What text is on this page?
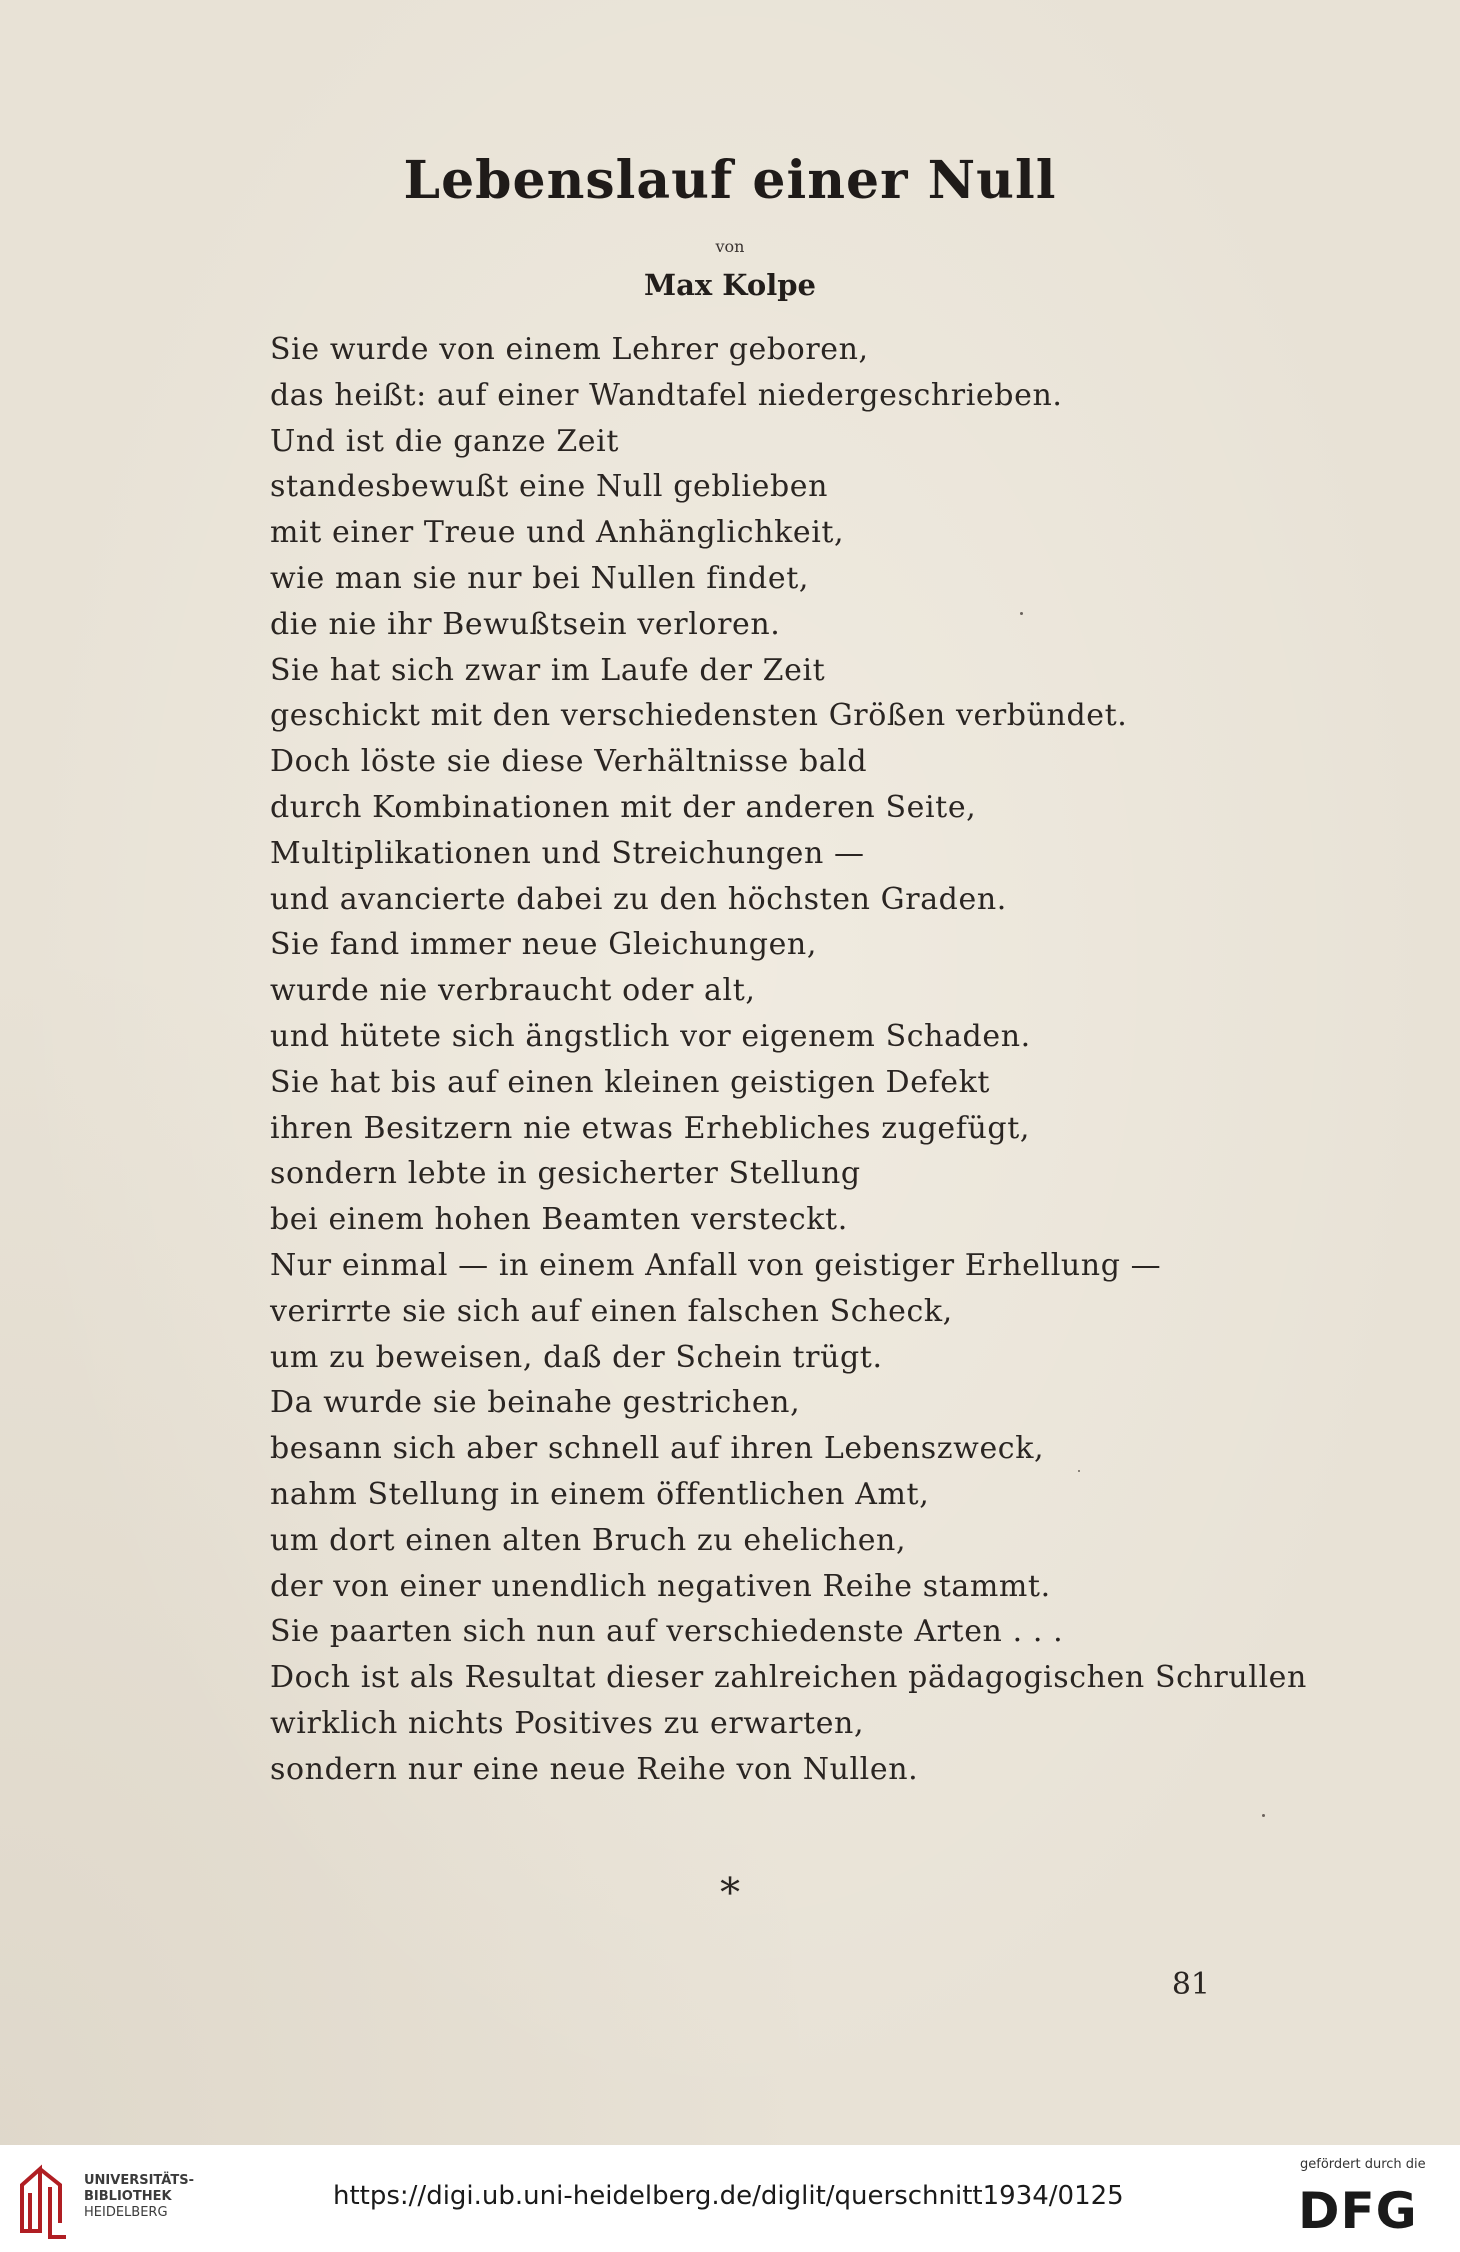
Lebenslauf einer Null
von
Max Kolpe
Sie wurde von einem Lehrer geboren,
das heißt: auf einer Wandtafel niedergeschrieben.
Und ist die ganze Zeit
standesbewußt eine Null geblieben
mit einer Treue und Anhänglichkeit,
wie man sie nur bei Nullen findet,
die nie ihr Bewußtsein verloren.
Sie hat sich zwar im Laufe der Zeit
geschickt mit den verschiedensten Größen verbündet.
Doch löste sie diese Verhältnisse bald
durch Kombinationen mit der anderen Seite,
Multiplikationen und Streichungen —
und avancierte dabei zu den höchsten Graden.
Sie fand immer neue Gleichungen,
wurde nie verbraucht oder alt,
und hütete sich ängstlich vor eigenem Schaden.
Sie hat bis auf einen kleinen geistigen Defekt
ihren Besitzern nie etwas Erhebliches zugefügt,
sondern lebte in gesicherter Stellung
bei einem hohen Beamten versteckt.
Nur einmal — in einem Anfall von geistiger Erhellung —
verirrte sie sich auf einen falschen Scheck,
um zu beweisen, daß der Schein trügt.
Da wurde sie beinahe gestrichen,
besann sich aber schnell auf ihren Lebenszweck,
nahm Stellung in einem öffentlichen Amt,
um dort einen alten Bruch zu ehelichen,
der von einer unendlich negativen Reihe stammt.
Sie paarten sich nun auf verschiedenste Arten . . .
Doch ist als Resultat dieser zahlreichen pädagogischen Schrullen
wirklich nichts Positives zu erwarten,
sondern nur eine neue Reihe von Nullen.
∗
81
UNIVERSITÄTS-
BIBLIOTHEK
HEIDELBERG
https://digi.ub.uni-heidelberg.de/diglit/querschnitt1934/0125
gefördert durch die
DFG
